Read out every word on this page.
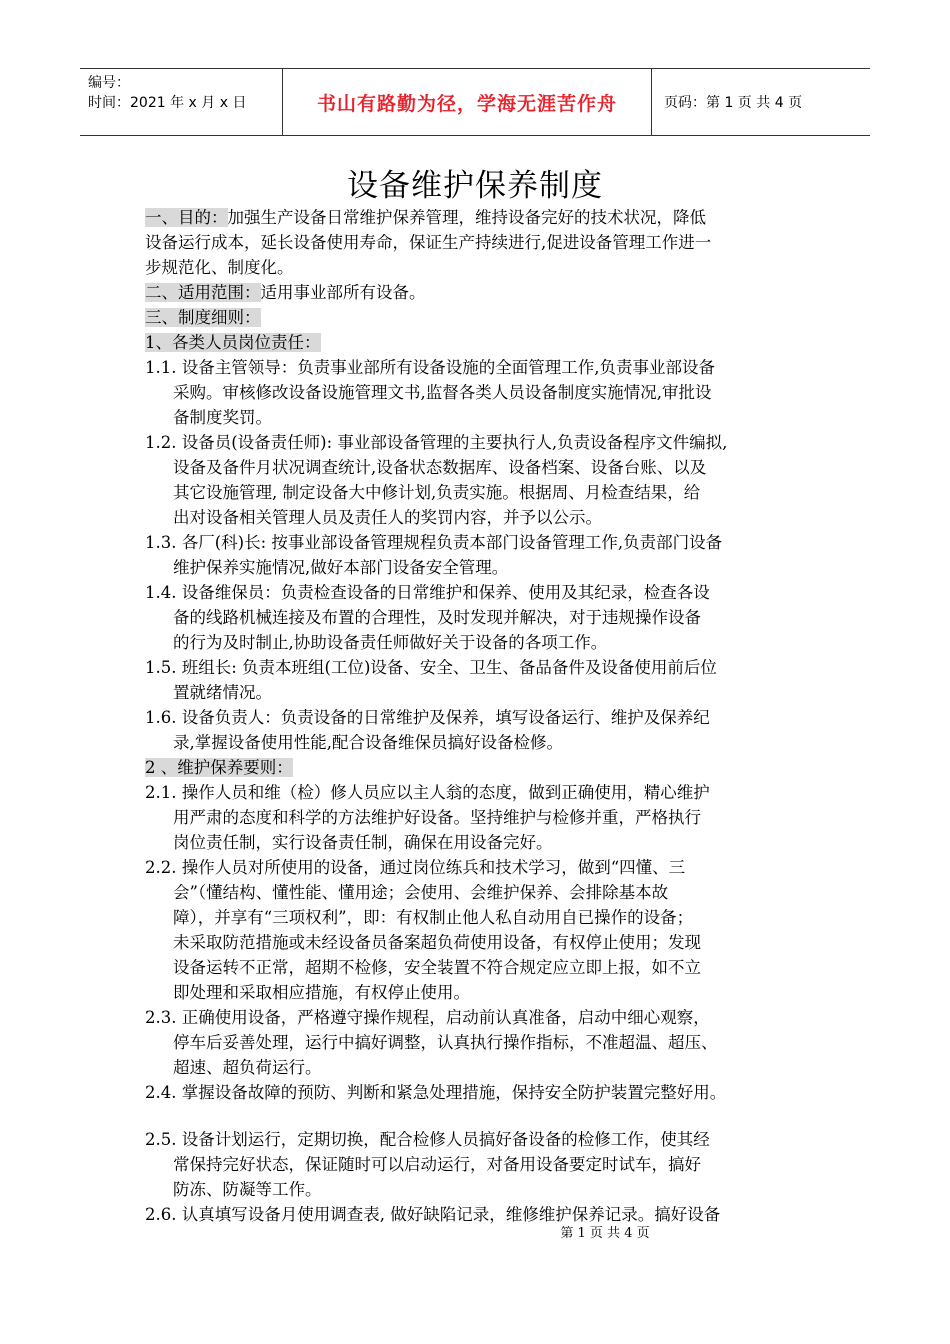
编号：
时间：2021 年 x 月 x 日	书山有路勤为径，学海无涯苦作舟	页码：第 1 页 共 4 页
设备维护保养制度
一、目的：加强生产设备日常维护保养管理，维持设备完好的技术状况，降低
设备运行成本，延长设备使用寿命，保证生产持续进行,促进设备管理工作进一
步规范化、制度化。
二、适用范围：适用事业部所有设备。
三、制度细则：
1、各类人员岗位责任：
1.1. 设备主管领导：负责事业部所有设备设施的全面管理工作,负责事业部设备
采购。审核修改设备设施管理文书,监督各类人员设备制度实施情况,审批设
备制度奖罚。
1.2. 设备员(设备责任师): 事业部设备管理的主要执行人,负责设备程序文件编拟,
设备及备件月状况调查统计,设备状态数据库、设备档案、设备台账、以及
其它设施管理, 制定设备大中修计划,负责实施。根据周、月检查结果，给
出对设备相关管理人员及责任人的奖罚内容，并予以公示。
1.3. 各厂(科)长: 按事业部设备管理规程负责本部门设备管理工作,负责部门设备
维护保养实施情况,做好本部门设备安全管理。
1.4. 设备维保员：负责检查设备的日常维护和保养、使用及其纪录，检查各设
备的线路机械连接及布置的合理性，及时发现并解决，对于违规操作设备
的行为及时制止,协助设备责任师做好关于设备的各项工作。
1.5. 班组长: 负责本班组(工位)设备、安全、卫生、备品备件及设备使用前后位
置就绪情况。
1.6. 设备负责人：负责设备的日常维护及保养，填写设备运行、维护及保养纪
录,掌握设备使用性能,配合设备维保员搞好设备检修。
2 、维护保养要则：
2.1. 操作人员和维（检）修人员应以主人翁的态度，做到正确使用，精心维护
用严肃的态度和科学的方法维护好设备。坚持维护与检修并重，严格执行
岗位责任制，实行设备责任制，确保在用设备完好。
2.2. 操作人员对所使用的设备，通过岗位练兵和技术学习，做到“四懂、三
会”（懂结构、懂性能、懂用途；会使用、会维护保养、会排除基本故
障），并享有“三项权利”，即：有权制止他人私自动用自已操作的设备；
未采取防范措施或未经设备员备案超负荷使用设备，有权停止使用；发现
设备运转不正常，超期不检修，安全装置不符合规定应立即上报，如不立
即处理和采取相应措施，有权停止使用。
2.3. 正确使用设备，严格遵守操作规程，启动前认真准备，启动中细心观察，
停车后妥善处理，运行中搞好调整，认真执行操作指标，不准超温、超压、
超速、超负荷运行。
2.4. 掌握设备故障的预防、判断和紧急处理措施，保持安全防护装置完整好用。
2.5. 设备计划运行，定期切换，配合检修人员搞好备设备的检修工作，使其经
常保持完好状态，保证随时可以启动运行，对备用设备要定时试车，搞好
防冻、防凝等工作。
2.6. 认真填写设备月使用调查表, 做好缺陷记录，维修维护保养记录。搞好设备
第 1 页 共 4 页
